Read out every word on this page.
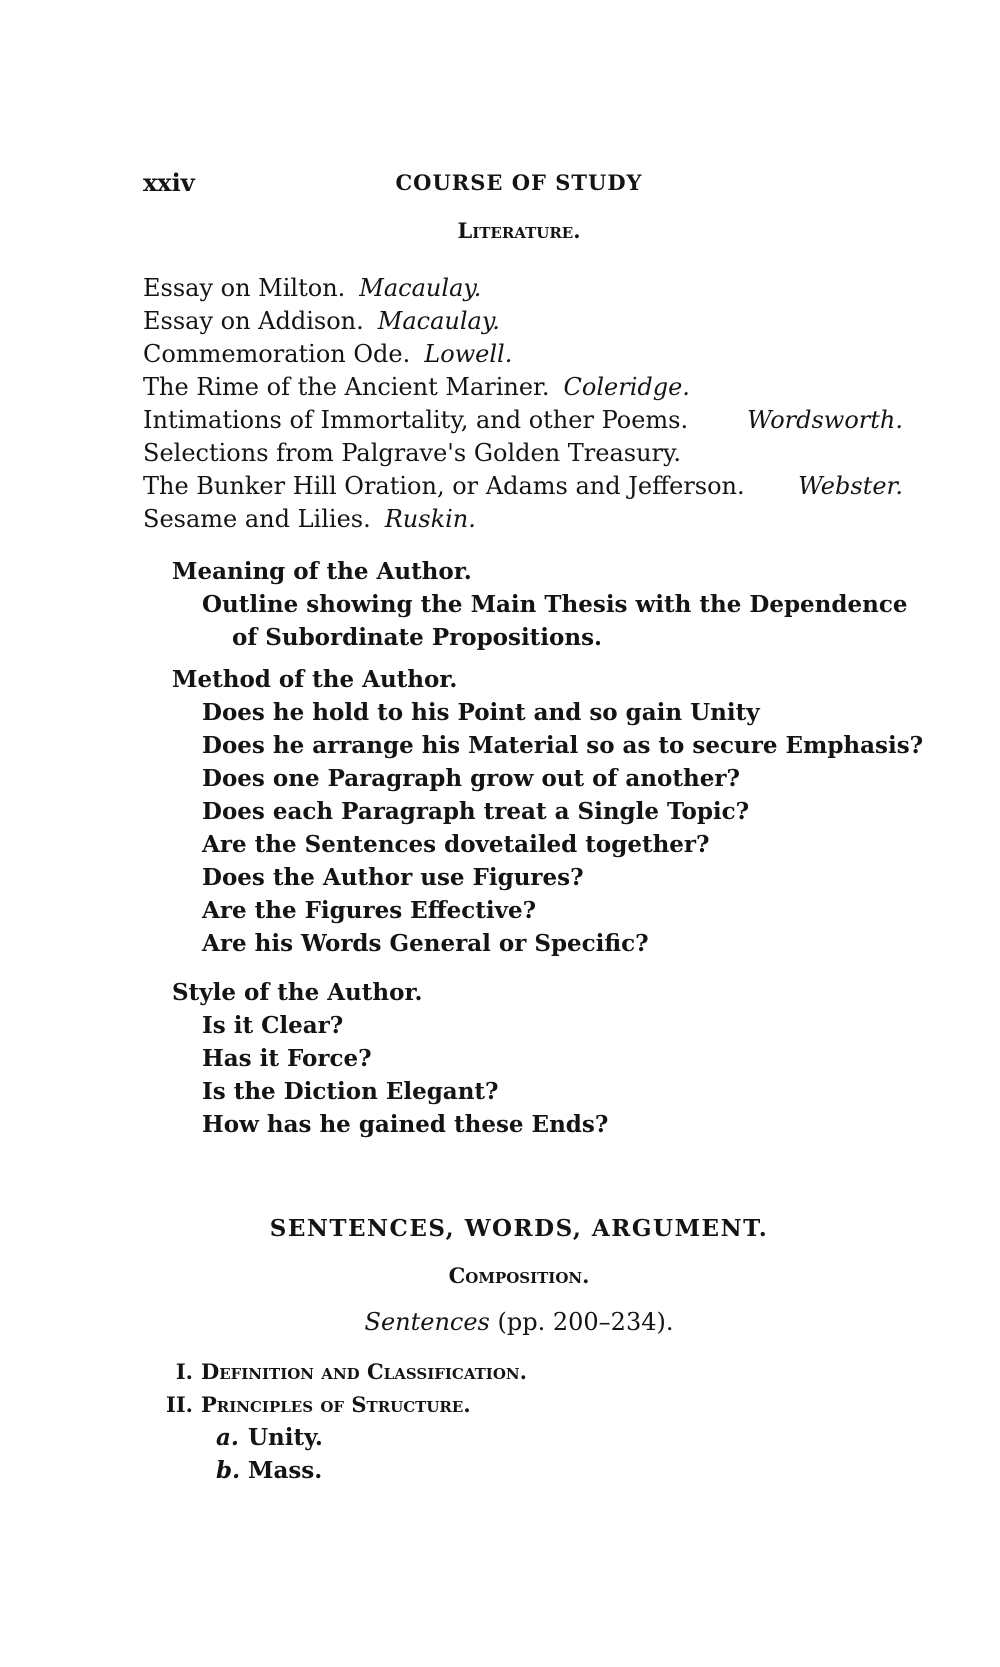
xxiv	COURSE OF STUDY
Literature.
Essay on Milton. Macaulay.
Essay on Addison. Macaulay.
Commemoration Ode. Lowell.
The Rime of the Ancient Mariner. Coleridge.
Intimations of Immortality, and other Poems. Wordsworth.
Selections from Palgrave's Golden Treasury.
The Bunker Hill Oration, or Adams and Jefferson. Webster.
Sesame and Lilies. Ruskin.
Meaning of the Author.
Outline showing the Main Thesis with the Dependence
of Subordinate Propositions.
Method of the Author.
Does he hold to his Point and so gain Unity
Does he arrange his Material so as to secure Emphasis?
Does one Paragraph grow out of another?
Does each Paragraph treat a Single Topic?
Are the Sentences dovetailed together?
Does the Author use Figures?
Are the Figures Effective?
Are his Words General or Specific?
Style of the Author.
Is it Clear?
Has it Force?
Is the Diction Elegant?
How has he gained these Ends?
SENTENCES, WORDS, ARGUMENT.
Composition.
Sentences (pp. 200–234).
I. Definition and Classification.
II. Principles of Structure.
a. Unity.
b. Mass.
